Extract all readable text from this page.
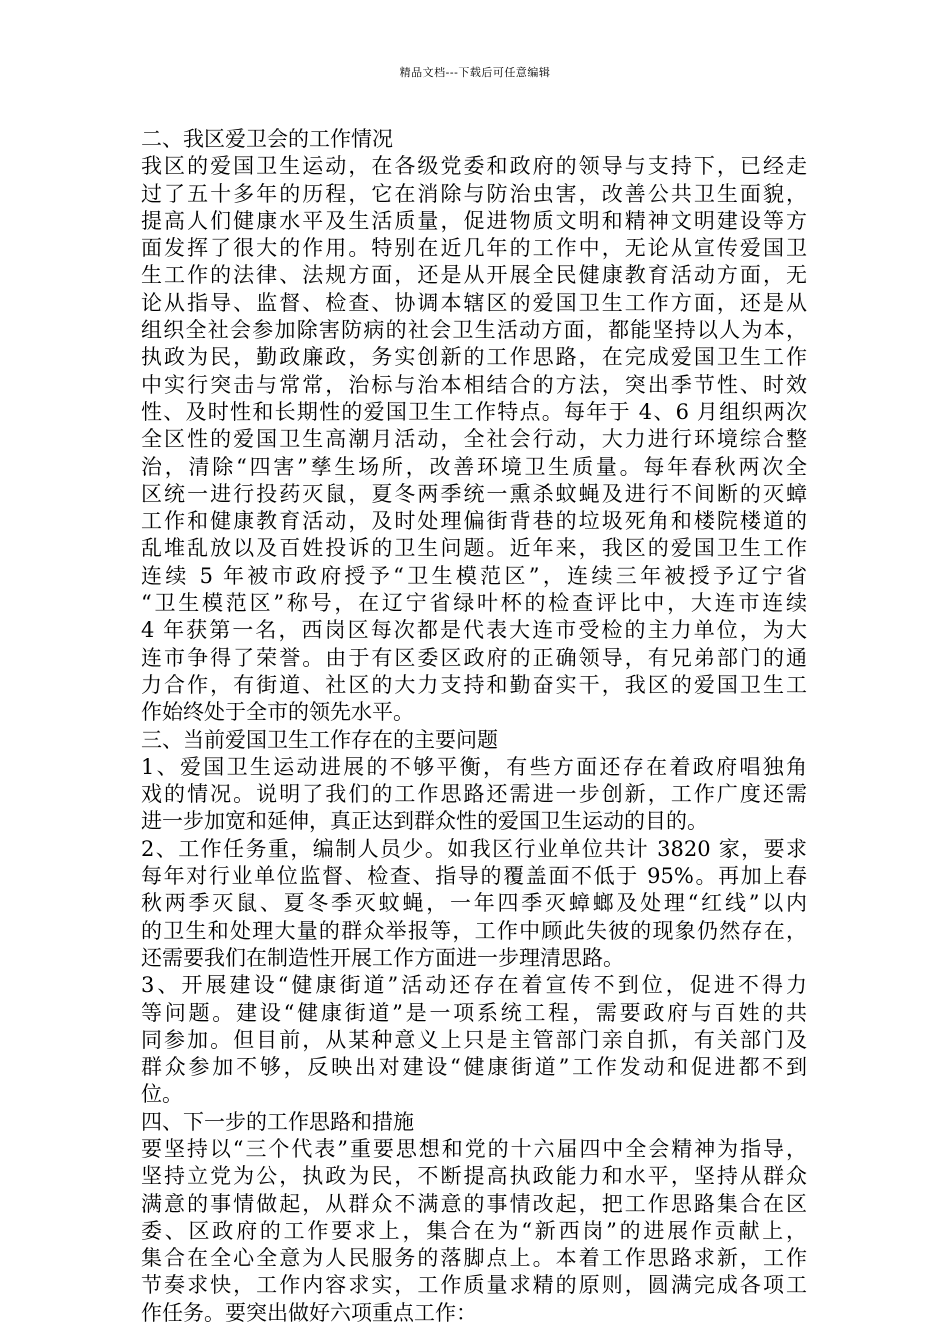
精品文档---下载后可任意编辑
二、我区爱卫会的工作情况
我区的爱国卫生运动，在各级党委和政府的领导与支持下，已经走
过了五十多年的历程，它在消除与防治虫害，改善公共卫生面貌，
提高人们健康水平及生活质量，促进物质文明和精神文明建设等方
面发挥了很大的作用。特别在近几年的工作中，无论从宣传爱国卫
生工作的法律、法规方面，还是从开展全民健康教育活动方面，无
论从指导、监督、检查、协调本辖区的爱国卫生工作方面，还是从
组织全社会参加除害防病的社会卫生活动方面，都能坚持以人为本，
执政为民，勤政廉政，务实创新的工作思路，在完成爱国卫生工作
中实行突击与常常，治标与治本相结合的方法，突出季节性、时效
性、及时性和长期性的爱国卫生工作特点。每年于 4、6 月组织两次
全区性的爱国卫生高潮月活动，全社会行动，大力进行环境综合整
治，清除“四害”孳生场所，改善环境卫生质量。每年春秋两次全
区统一进行投药灭鼠，夏冬两季统一熏杀蚊蝇及进行不间断的灭蟑
工作和健康教育活动，及时处理偏街背巷的垃圾死角和楼院楼道的
乱堆乱放以及百姓投诉的卫生问题。近年来，我区的爱国卫生工作
连续 5 年被市政府授予“卫生模范区”，连续三年被授予辽宁省
“卫生模范区”称号，在辽宁省绿叶杯的检查评比中，大连市连续
4 年获第一名，西岗区每次都是代表大连市受检的主力单位，为大
连市争得了荣誉。由于有区委区政府的正确领导，有兄弟部门的通
力合作，有街道、社区的大力支持和勤奋实干，我区的爱国卫生工
作始终处于全市的领先水平。
三、当前爱国卫生工作存在的主要问题
1、爱国卫生运动进展的不够平衡，有些方面还存在着政府唱独角
戏的情况。说明了我们的工作思路还需进一步创新，工作广度还需
进一步加宽和延伸，真正达到群众性的爱国卫生运动的目的。
2、工作任务重，编制人员少。如我区行业单位共计 3820 家，要求
每年对行业单位监督、检查、指导的覆盖面不低于 95%。再加上春
秋两季灭鼠、夏冬季灭蚊蝇，一年四季灭蟑螂及处理“红线”以内
的卫生和处理大量的群众举报等，工作中顾此失彼的现象仍然存在，
还需要我们在制造性开展工作方面进一步理清思路。
3、开展建设“健康街道”活动还存在着宣传不到位，促进不得力
等问题。建设“健康街道”是一项系统工程，需要政府与百姓的共
同参加。但目前，从某种意义上只是主管部门亲自抓，有关部门及
群众参加不够，反映出对建设“健康街道”工作发动和促进都不到
位。
四、下一步的工作思路和措施
要坚持以“三个代表”重要思想和党的十六届四中全会精神为指导，
坚持立党为公，执政为民，不断提高执政能力和水平，坚持从群众
满意的事情做起，从群众不满意的事情改起，把工作思路集合在区
委、区政府的工作要求上，集合在为“新西岗”的进展作贡献上，
集合在全心全意为人民服务的落脚点上。本着工作思路求新，工作
节奏求快，工作内容求实，工作质量求精的原则，圆满完成各项工
作任务。要突出做好六项重点工作：
